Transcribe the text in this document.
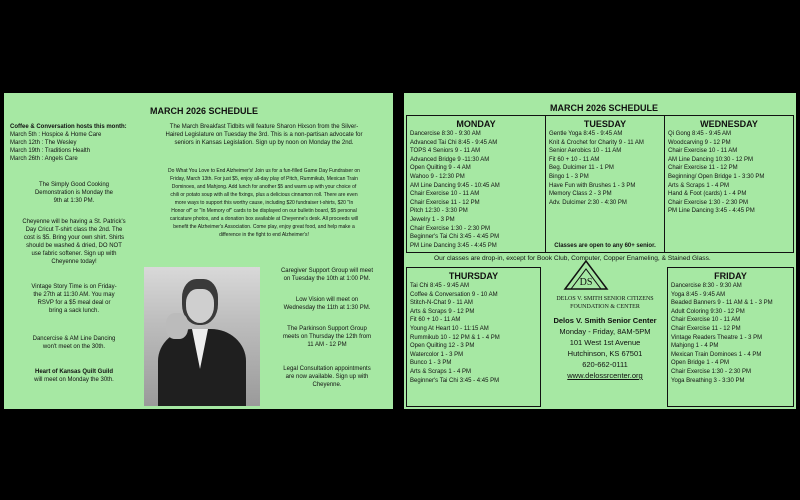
MARCH 2026 SCHEDULE
Coffee & Conversation hosts this month:
March 5th : Hospice & Home Care
March 12th : The Wesley
March 19th : Traditions Health
March 26th : Angels Care
The Simply Good Cooking
Demonstration is Monday the
9th at 1:30 PM.
Cheyenne will be having a St. Patrick's
Day Cricut T-shirt class the 2nd. The
cost is $5. Bring your own shirt. Shirts
should be washed & dried, DO NOT
use fabric softener. Sign up with
Cheyenne today!
Vintage Story Time is on Friday-
the 27th at 11:30 AM. You may
RSVP for a $5 meal deal or
bring a sack lunch.
Dancercise & AM Line Dancing
won't meet on the 30th.
Heart of Kansas Quilt Guild
will meet on Monday the 30th.
The March Breakfast Tidbits will feature Sharon Hixson from the Silver-
Haired Legislature on Tuesday the 3rd. This is a non-partisan advocate for
seniors in Kansas Legislation. Sign up by noon on Monday the 2nd.
Do What You Love to End Alzheimer's! Join us for a fun-filled Game Day Fundraiser on
Friday, March 13th. For just $5, enjoy all-day play of Pitch, Rummikub, Mexican Train
Dominoes, and Mahjong. Add lunch for another $5 and warm up with your choice of
chili or potato soup with all the fixings, plus a delicious cinnamon roll. There are even
more ways to support this worthy cause, including $20 fundraiser t-shirts, $20 "In
Honor of" or "In Memory of" cards to be displayed on our bulletin board, $5 personal
caricature photos, and a donation box available at Cheyenne's desk. All proceeds will
benefit the Alzheimer's Association. Come play, enjoy great food, and help make a
difference in the fight to end Alzheimer's!
Caregiver Support Group will meet
on Tuesday the 10th at 1:00 PM.
Low Vision will meet on
Wednesday the 11th at 1:30 PM.
The Parkinson Support Group
meets on Thursday the 12th from
11 AM - 12 PM
Legal Consultation appointments
are now available. Sign up with
Cheyenne.
MARCH 2026 SCHEDULE
MONDAY
Dancercise 8:30 - 9:30 AM
Advanced Tai Chi 8:45 - 9:45 AM
TOPS 4 Seniors 9 - 11 AM
Advanced Bridge 9 -11:30 AM
Open Quilting 9 - 4 AM
Wahoo 9 - 12:30 PM
AM Line Dancing 9:45 - 10:45 AM
Chair Exercise 10 - 11 AM
Chair Exercise 11 - 12 PM
Pitch 12:30 - 3:30 PM
Jewelry 1 - 3 PM
Chair Exercise 1:30 - 2:30 PM
Beginner's Tai Chi 3:45 - 4:45 PM
PM Line Dancing 3:45 - 4:45 PM
TUESDAY
Gentle Yoga 8:45 - 9:45 AM
Knit & Crochet for Charity 9 - 11 AM
Senior Aerobics 10 - 11 AM
Fit 60 + 10 - 11 AM
Beg. Dulcimer 11 - 1 PM
Bingo 1 - 3 PM
Have Fun with Brushes 1 - 3 PM
Memory Class 2 - 3 PM
Adv. Dulcimer 2:30 - 4:30 PM
Classes are open to any 60+ senior.
WEDNESDAY
Qi Gong 8:45 - 9:45 AM
Woodcarving 9 - 12 PM
Chair Exercise 10 - 11 AM
AM Line Dancing 10:30 - 12 PM
Chair Exercise 11 - 12 PM
Beginning/ Open Bridge 1 - 3:30 PM
Arts & Scraps 1 - 4 PM
Hand & Foot (cards) 1 - 4 PM
Chair Exercise 1:30 - 2:30 PM
PM Line Dancing 3:45 - 4:45 PM
Our classes are drop-in, except for Book Club, Computer, Copper Enameling, & Stained Glass.
THURSDAY
Tai Chi 8:45 - 9:45 AM
Coffee & Conversation 9 - 10 AM
Stitch-N-Chat 9 - 11 AM
Arts & Scraps 9 - 12 PM
Fit 60 + 10 - 11 AM
Young At Heart 10 - 11:15 AM
Rummikub 10 - 12 PM & 1 - 4 PM
Open Quilting 12 - 3 PM
Watercolor 1 - 3 PM
Bunco 1 - 3 PM
Arts & Scraps 1 - 4 PM
Beginner's Tai Chi 3:45 - 4:45 PM
DS
DELOS V. SMITH SENIOR CITIZENS
FOUNDATION & CENTER
Delos V. Smith Senior Center
Monday - Friday, 8AM-5PM
101 West 1st Avenue
Hutchinson, KS 67501
620-662-0111
www.delossrcenter.org
FRIDAY
Dancercise 8:30 - 9:30 AM
Yoga 8:45 - 9:45 AM
Beaded Banners 9 - 11 AM & 1 - 3 PM
Adult Coloring 9:30 - 12 PM
Chair Exercise 10 - 11 AM
Chair Exercise 11 - 12 PM
Vintage Readers Theatre 1 - 3 PM
Mahjong 1 - 4 PM
Mexican Train Dominoes 1 - 4 PM
Open Bridge 1 - 4 PM
Chair Exercise 1:30 - 2:30 PM
Yoga Breathing 3 - 3:30 PM
